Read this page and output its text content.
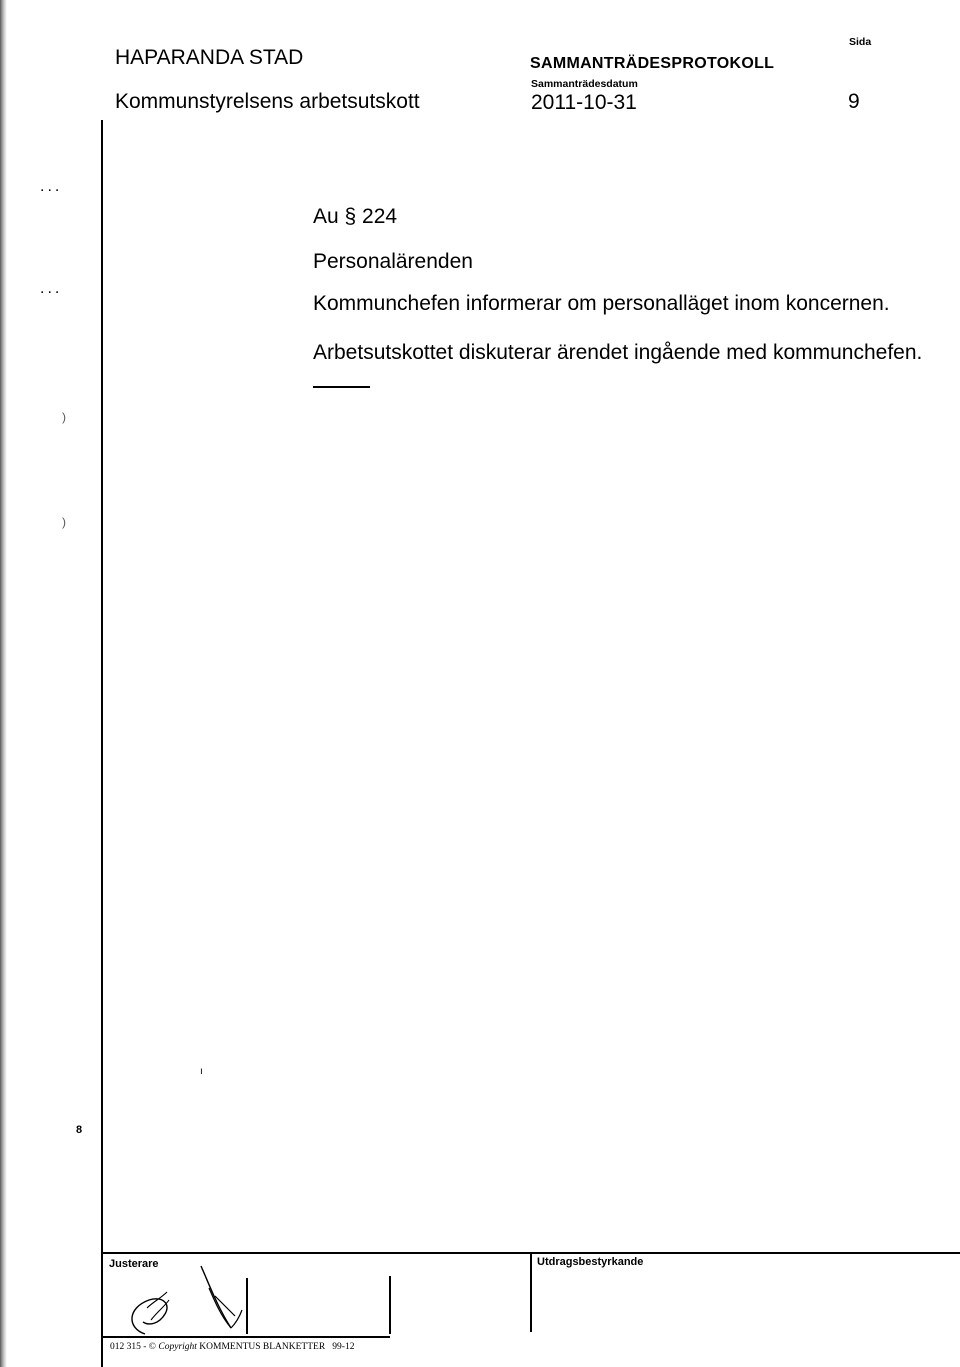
HAPARANDA STAD
Kommunstyrelsens arbetsutskott
SAMMANTRÄDESPROTOKOLL
Sammanträdesdatum
2011-10-31
Sida
9
...
...
)
)
8
Au § 224
Personalärenden
Kommunchefen informerar om personalläget inom koncernen.
Arbetsutskottet diskuterar ärendet ingående med kommunchefen.
ı
Justerare	Utdragsbestyrkande
012 315 - © Copyright KOMMENTUS BLANKETTER 99-12
